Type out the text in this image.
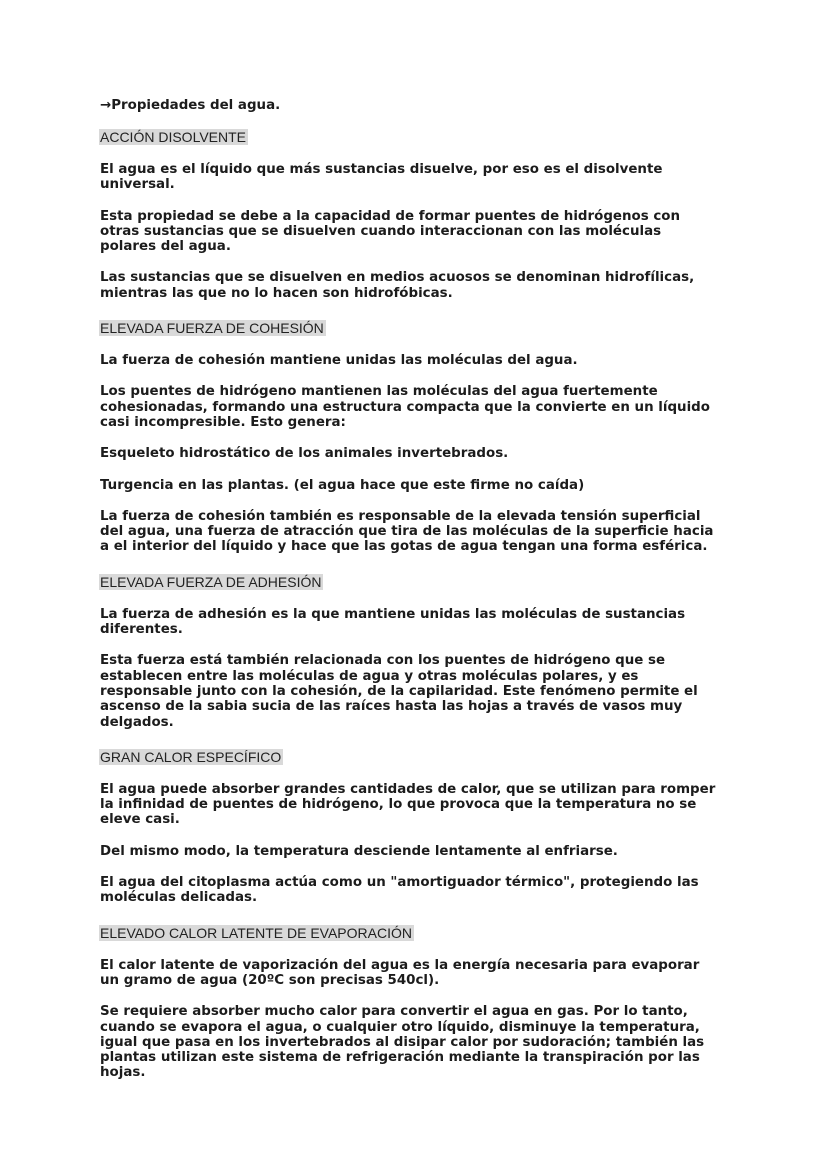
→Propiedades del agua.

ACCIÓN DISOLVENTE

El agua es el líquido que más sustancias disuelve, por eso es el disolvente universal.

Esta propiedad se debe a la capacidad de formar puentes de hidrógenos con otras sustancias que se disuelven cuando interaccionan con las moléculas polares del agua.

Las sustancias que se disuelven en medios acuosos se denominan hidrofílicas, mientras las que no lo hacen son hidrofóbicas.

ELEVADA FUERZA DE COHESIÓN

La fuerza de cohesión mantiene unidas las moléculas del agua.

Los puentes de hidrógeno mantienen las moléculas del agua fuertemente cohesionadas, formando una estructura compacta que la convierte en un líquido casi incompresible. Esto genera:

Esqueleto hidrostático de los animales invertebrados.

Turgencia en las plantas. (el agua hace que este firme no caída)

La fuerza de cohesión también es responsable de la elevada tensión superficial del agua, una fuerza de atracción que tira de las moléculas de la superficie hacia a el interior del líquido y hace que las gotas de agua tengan una forma esférica.

ELEVADA FUERZA DE ADHESIÓN

La fuerza de adhesión es la que mantiene unidas las moléculas de sustancias diferentes.

Esta fuerza está también relacionada con los puentes de hidrógeno que se establecen entre las moléculas de agua y otras moléculas polares, y es responsable junto con la cohesión, de la capilaridad. Este fenómeno permite el ascenso de la sabia sucia de las raíces hasta las hojas a través de vasos muy delgados.

GRAN CALOR ESPECÍFICO

El agua puede absorber grandes cantidades de calor, que se utilizan para romper la infinidad de puentes de hidrógeno, lo que provoca que la temperatura no se eleve casi.

Del mismo modo, la temperatura desciende lentamente al enfriarse.

El agua del citoplasma actúa como un "amortiguador térmico", protegiendo las moléculas delicadas.

ELEVADO CALOR LATENTE DE EVAPORACIÓN

El calor latente de vaporización del agua es la energía necesaria para evaporar un gramo de agua (20ºC son precisas 540cl).

Se requiere absorber mucho calor para convertir el agua en gas. Por lo tanto, cuando se evapora el agua, o cualquier otro líquido, disminuye la temperatura, igual que pasa en los invertebrados al disipar calor por sudoración; también las plantas utilizan este sistema de refrigeración mediante la transpiración por las hojas.
